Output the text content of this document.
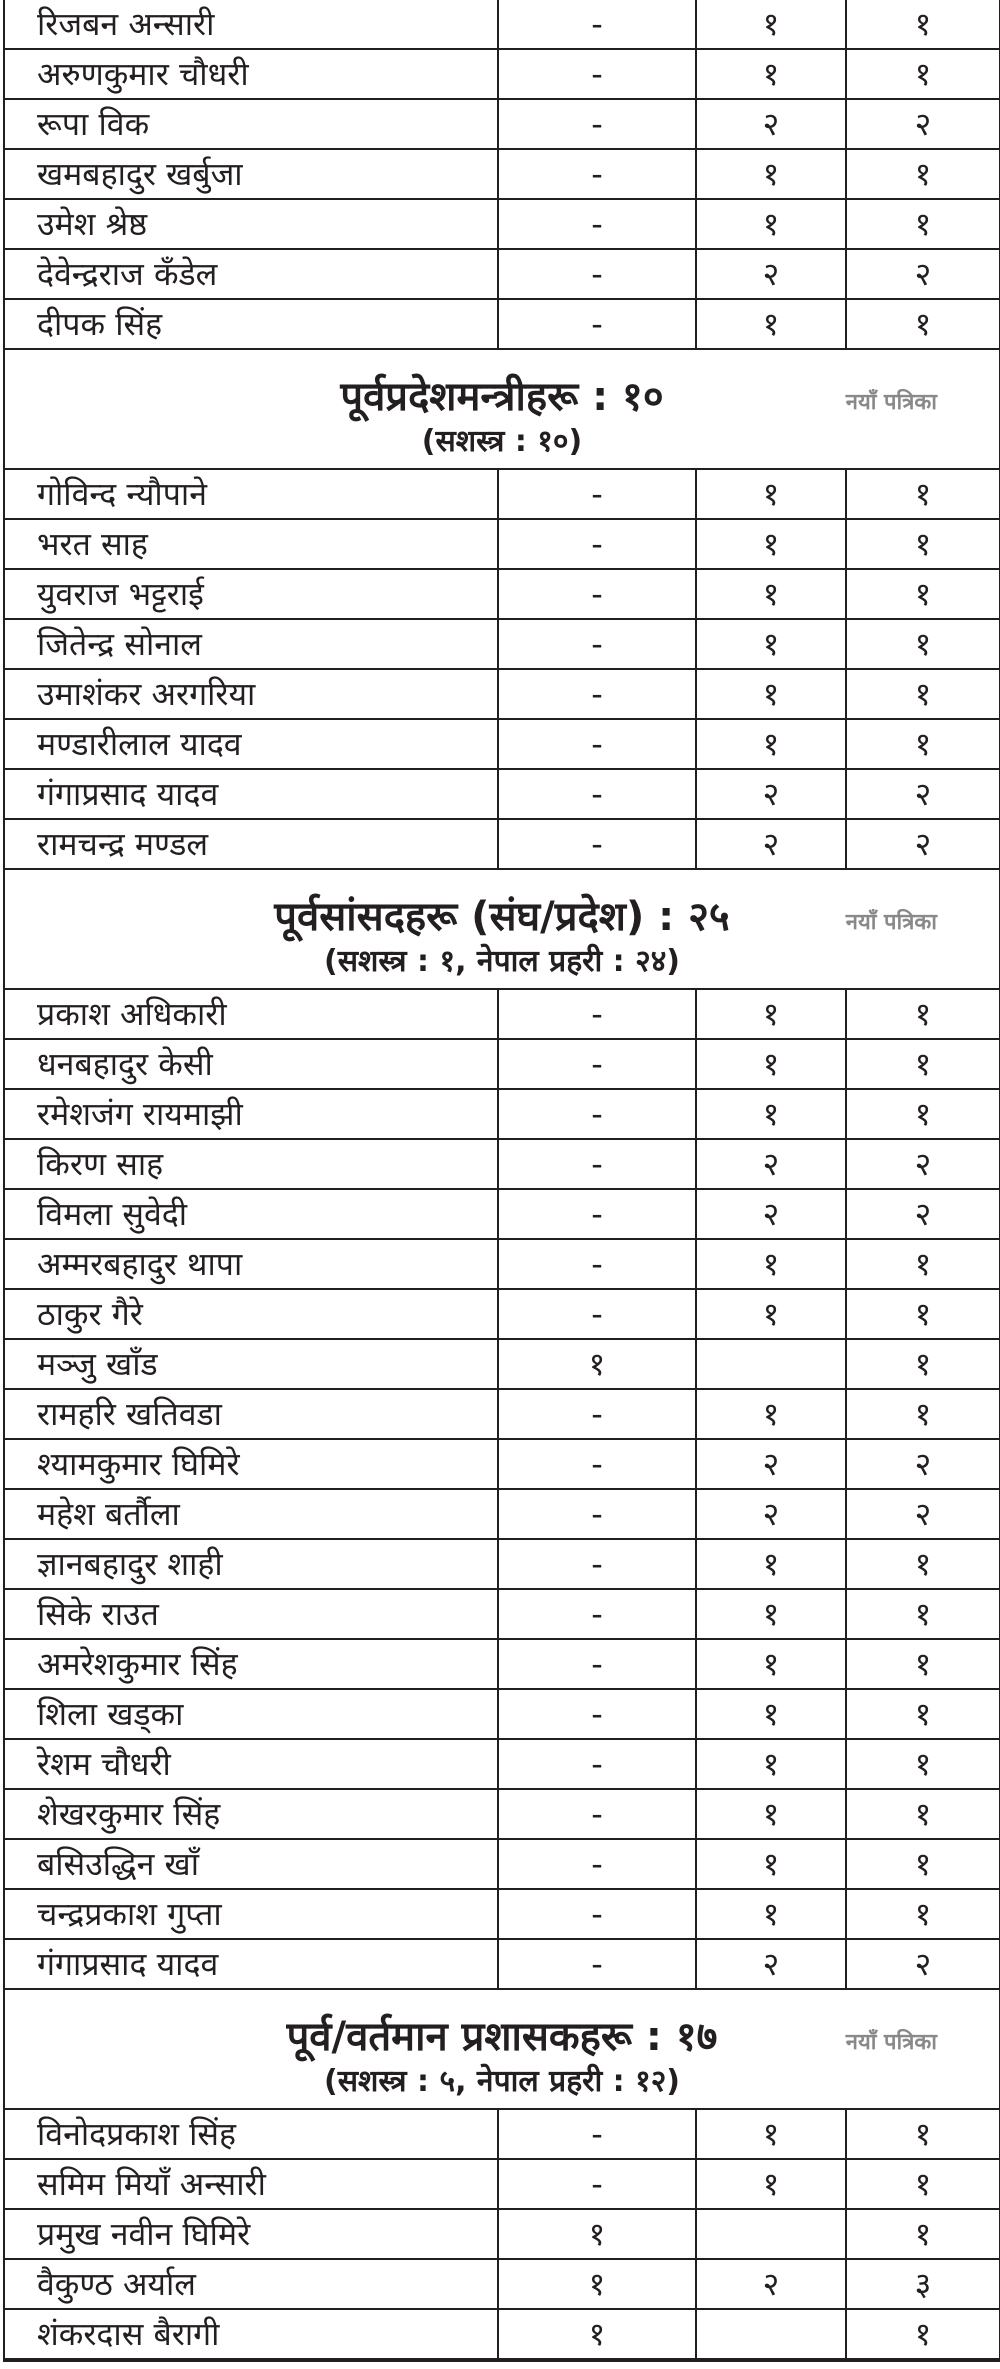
रिजबन अन्सारी	-	१	१
अरुणकुमार चौधरी	-	१	१
रूपा विक	-	२	२
खमबहादुर खर्बुजा	-	१	१
उमेश श्रेष्ठ	-	१	१
देवेन्द्रराज कँडेल	-	२	२
दीपक सिंह	-	१	१

पूर्वप्रदेशमन्त्रीहरू : १०
(सशस्त्र : १०)
नयाँ पत्रिका			

गोविन्द न्यौपाने	-	१	१
भरत साह	-	१	१
युवराज भट्टराई	-	१	१
जितेन्द्र सोनाल	-	१	१
उमाशंकर अरगरिया	-	१	१
मण्डारीलाल यादव	-	१	१
गंगाप्रसाद यादव	-	२	२
रामचन्द्र मण्डल	-	२	२

पूर्वसांसदहरू (संघ/प्रदेश) : २५
(सशस्त्र : १, नेपाल प्रहरी : २४)
नयाँ पत्रिका			

प्रकाश अधिकारी	-	१	१
धनबहादुर केसी	-	१	१
रमेशजंग रायमाझी	-	१	१
किरण साह	-	२	२
विमला सुवेदी	-	२	२
अम्मरबहादुर थापा	-	१	१
ठाकुर गैरे	-	१	१
मञ्जु खाँड	१		१
रामहरि खतिवडा	-	१	१
श्यामकुमार घिमिरे	-	२	२
महेश बर्तौला	-	२	२
ज्ञानबहादुर शाही	-	१	१
सिके राउत	-	१	१
अमरेशकुमार सिंह	-	१	१
शिला खड्का	-	१	१
रेशम चौधरी	-	१	१
शेखरकुमार सिंह	-	१	१
बसिउद्धिन खाँ	-	१	१
चन्द्रप्रकाश गुप्ता	-	१	१
गंगाप्रसाद यादव	-	२	२

पूर्व/वर्तमान प्रशासकहरू : १७
(सशस्त्र : ५, नेपाल प्रहरी : १२)
नयाँ पत्रिका			

विनोदप्रकाश सिंह	-	१	१
समिम मियाँ अन्सारी	-	१	१
प्रमुख नवीन घिमिरे	१		१
वैकुण्ठ अर्याल	१	२	३
शंकरदास बैरागी	१		१
